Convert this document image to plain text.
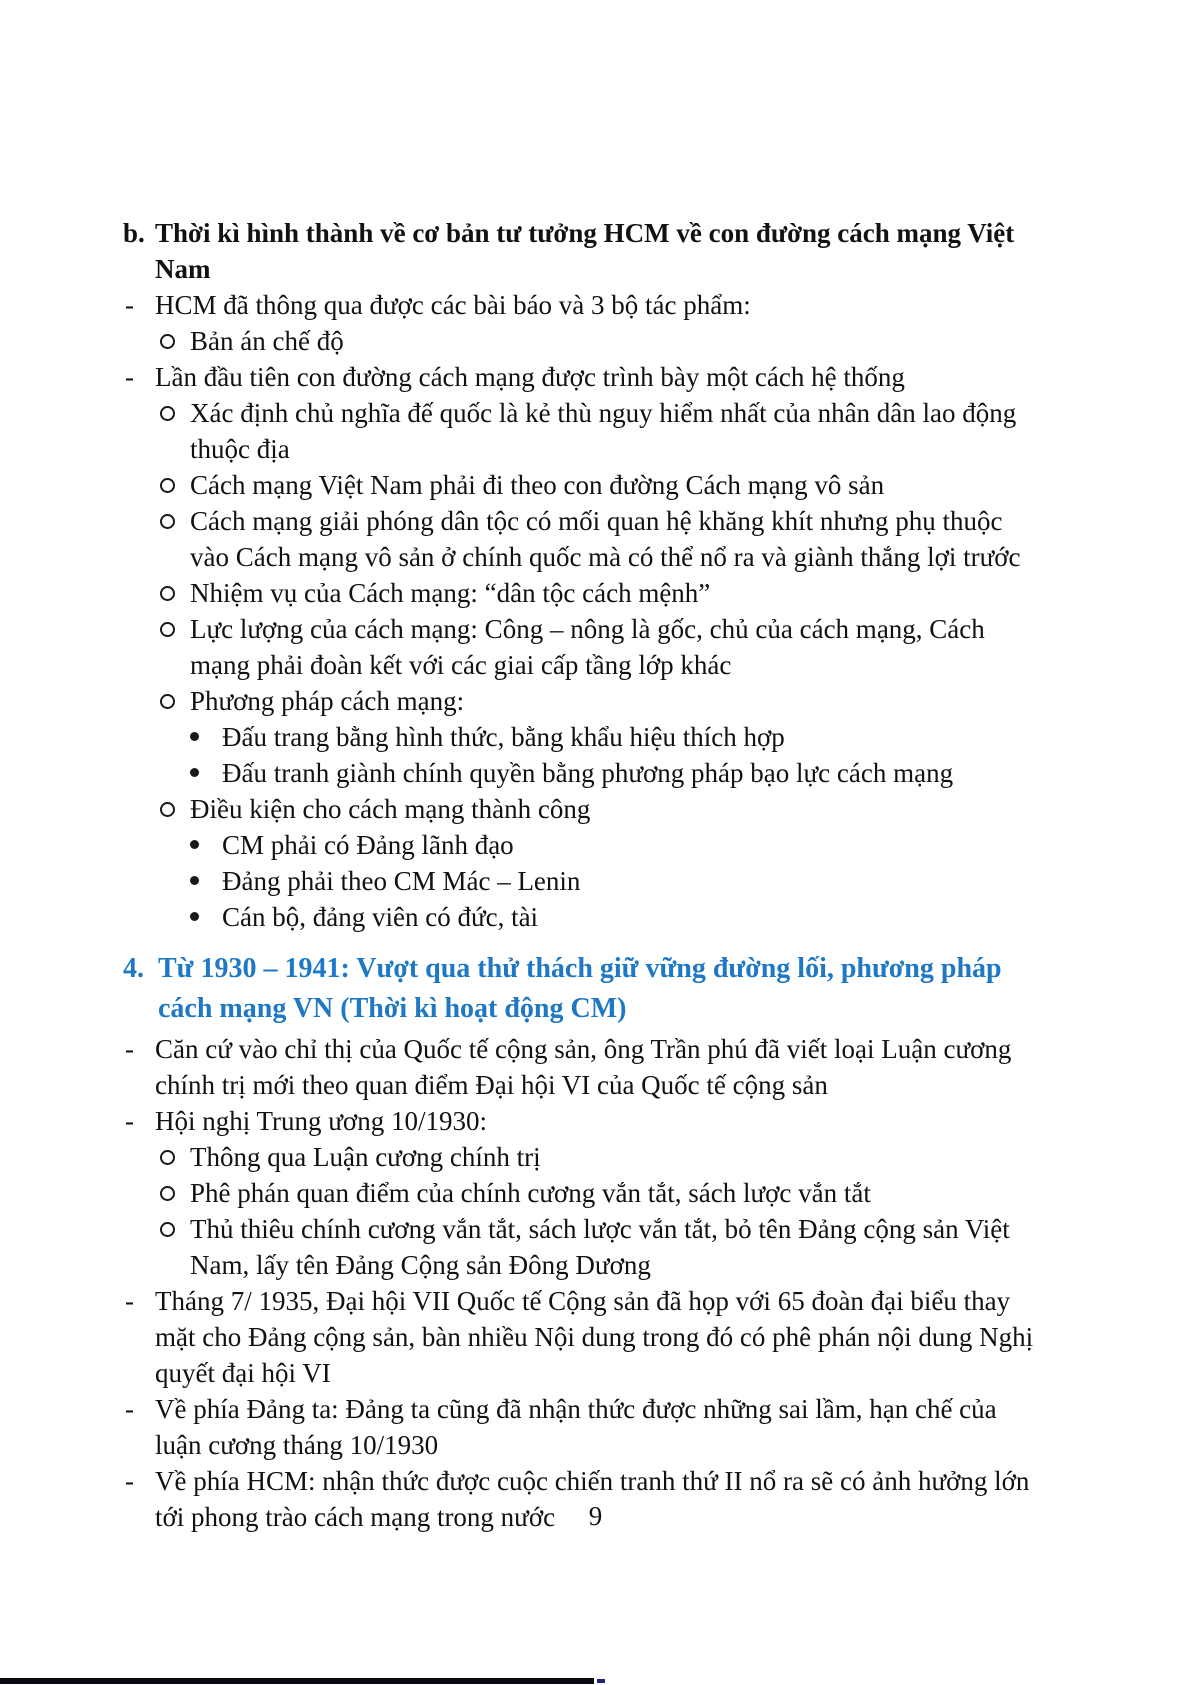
b. Thời kì hình thành về cơ bản tư tưởng HCM về con đường cách mạng Việt Nam
- HCM đã thông qua được các bài báo và 3 bộ tác phẩm:
Bản án chế độ
- Lần đầu tiên con đường cách mạng được trình bày một cách hệ thống
Xác định chủ nghĩa đế quốc là kẻ thù nguy hiểm nhất của nhân dân lao động thuộc địa
Cách mạng Việt Nam phải đi theo con đường Cách mạng vô sản
Cách mạng giải phóng dân tộc có mối quan hệ khăng khít nhưng phụ thuộc vào Cách mạng vô sản ở chính quốc mà có thể nổ ra và giành thắng lợi trước
Nhiệm vụ của Cách mạng: “dân tộc cách mệnh”
Lực lượng của cách mạng: Công – nông là gốc, chủ của cách mạng, Cách mạng phải đoàn kết với các giai cấp tầng lớp khác
Phương pháp cách mạng:
Đấu trang bằng hình thức, bằng khẩu hiệu thích hợp
Đấu tranh giành chính quyền bằng phương pháp bạo lực cách mạng
Điều kiện cho cách mạng thành công
CM phải có Đảng lãnh đạo
Đảng phải theo CM Mác – Lenin
Cán bộ, đảng viên có đức, tài
4. Từ 1930 – 1941: Vượt qua thử thách giữ vững đường lối, phương pháp cách mạng VN (Thời kì hoạt động CM)
- Căn cứ vào chỉ thị của Quốc tế cộng sản, ông Trần phú đã viết loại Luận cương chính trị mới theo quan điểm Đại hội VI của Quốc tế cộng sản
- Hội nghị Trung ương 10/1930:
Thông qua Luận cương chính trị
Phê phán quan điểm của chính cương vắn tắt, sách lược vắn tắt
Thủ thiêu chính cương vắn tắt, sách lược vắn tắt, bỏ tên Đảng cộng sản Việt Nam, lấy tên Đảng Cộng sản Đông Dương
- Tháng 7/ 1935, Đại hội VII Quốc tế Cộng sản đã họp với 65 đoàn đại biểu thay mặt cho Đảng cộng sản, bàn nhiều Nội dung trong đó có phê phán nội dung Nghị quyết đại hội VI
- Về phía Đảng ta: Đảng ta cũng đã nhận thức được những sai lầm, hạn chế của luận cương tháng 10/1930
- Về phía HCM: nhận thức được cuộc chiến tranh thứ II nổ ra sẽ có ảnh hưởng lớn tới phong trào cách mạng trong nước	9
